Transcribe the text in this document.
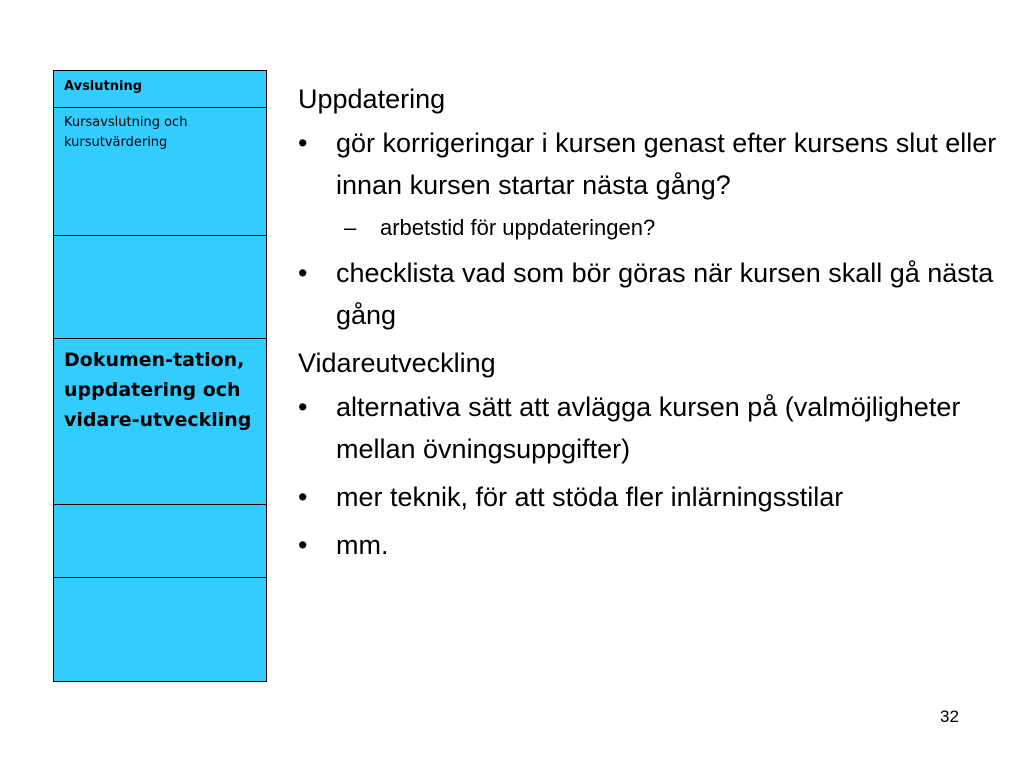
Avslutning
Kursavslutning och kursutvärdering
Dokumen-tation, uppdatering och vidare-utveckling
Uppdatering
•	gör korrigeringar i kursen genast efter kursens slut eller innan kursen startar nästa gång?
– arbetstid för uppdateringen?
•	checklista vad som bör göras när kursen skall gå nästa gång
Vidareutveckling
•	alternativa sätt att avlägga kursen på (valmöjligheter mellan övningsuppgifter)
•	mer teknik, för att stöda fler inlärningsstilar
•	mm.
32
